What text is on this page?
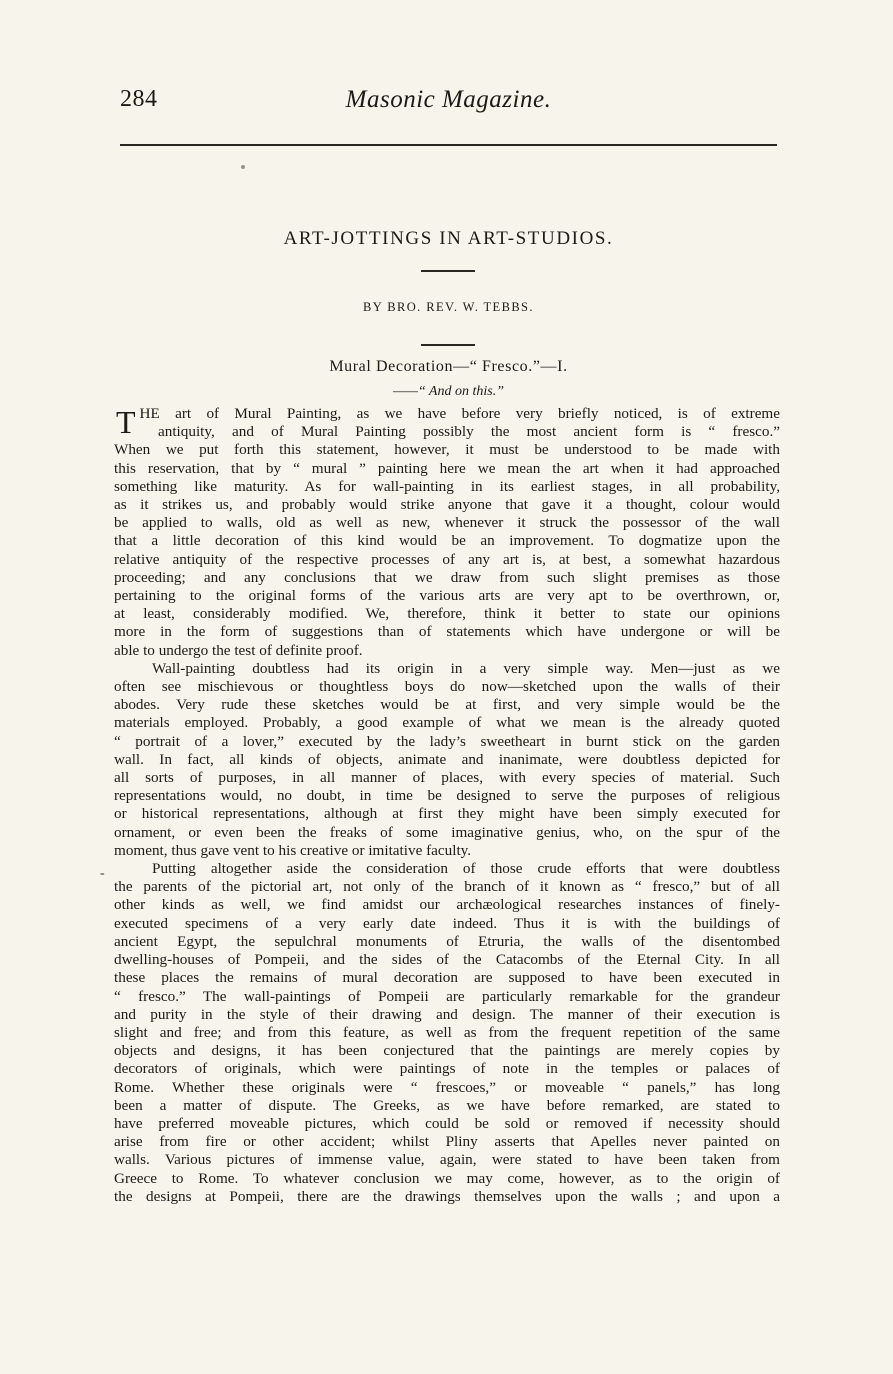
284	Masonic Magazine.
ART-JOTTINGS IN ART-STUDIOS.
BY BRO. REV. W. TEBBS.
Mural Decoration—“ Fresco.”—I.
——“ And on this.”
-
T HE art of Mural Painting, as we have before very briefly noticed, is of extreme
antiquity, and of Mural Painting possibly the most ancient form is “ fresco.”
When we put forth this statement, however, it must be understood to be made with
this reservation, that by “ mural ” painting here we mean the art when it had approached
something like maturity. As for wall-painting in its earliest stages, in all probability,
as it strikes us, and probably would strike anyone that gave it a thought, colour would
be applied to walls, old as well as new, whenever it struck the possessor of the wall
that a little decoration of this kind would be an improvement. To dogmatize upon the
relative antiquity of the respective processes of any art is, at best, a somewhat hazardous
proceeding; and any conclusions that we draw from such slight premises as those
pertaining to the original forms of the various arts are very apt to be overthrown, or,
at least, considerably modified. We, therefore, think it better to state our opinions
more in the form of suggestions than of statements which have undergone or will be
able to undergo the test of definite proof.
Wall-painting doubtless had its origin in a very simple way. Men—just as we
often see mischievous or thoughtless boys do now—sketched upon the walls of their
abodes. Very rude these sketches would be at first, and very simple would be the
materials employed. Probably, a good example of what we mean is the already quoted
“ portrait of a lover,” executed by the lady’s sweetheart in burnt stick on the garden
wall. In fact, all kinds of objects, animate and inanimate, were doubtless depicted for
all sorts of purposes, in all manner of places, with every species of material. Such
representations would, no doubt, in time be designed to serve the purposes of religious
or historical representations, although at first they might have been simply executed for
ornament, or even been the freaks of some imaginative genius, who, on the spur of the
moment, thus gave vent to his creative or imitative faculty.
Putting altogether aside the consideration of those crude efforts that were doubtless
the parents of the pictorial art, not only of the branch of it known as “ fresco,” but of all
other kinds as well, we find amidst our archæological researches instances of finely-
executed specimens of a very early date indeed. Thus it is with the buildings of
ancient Egypt, the sepulchral monuments of Etruria, the walls of the disentombed
dwelling-houses of Pompeii, and the sides of the Catacombs of the Eternal City. In all
these places the remains of mural decoration are supposed to have been executed in
“ fresco.” The wall-paintings of Pompeii are particularly remarkable for the grandeur
and purity in the style of their drawing and design. The manner of their execution is
slight and free; and from this feature, as well as from the frequent repetition of the same
objects and designs, it has been conjectured that the paintings are merely copies by
decorators of originals, which were paintings of note in the temples or palaces of
Rome. Whether these originals were “ frescoes,” or moveable “ panels,” has long
been a matter of dispute. The Greeks, as we have before remarked, are stated to
have preferred moveable pictures, which could be sold or removed if necessity should
arise from fire or other accident; whilst Pliny asserts that Apelles never painted on
walls. Various pictures of immense value, again, were stated to have been taken from
Greece to Rome. To whatever conclusion we may come, however, as to the origin of
the designs at Pompeii, there are the drawings themselves upon the walls ; and upon a
